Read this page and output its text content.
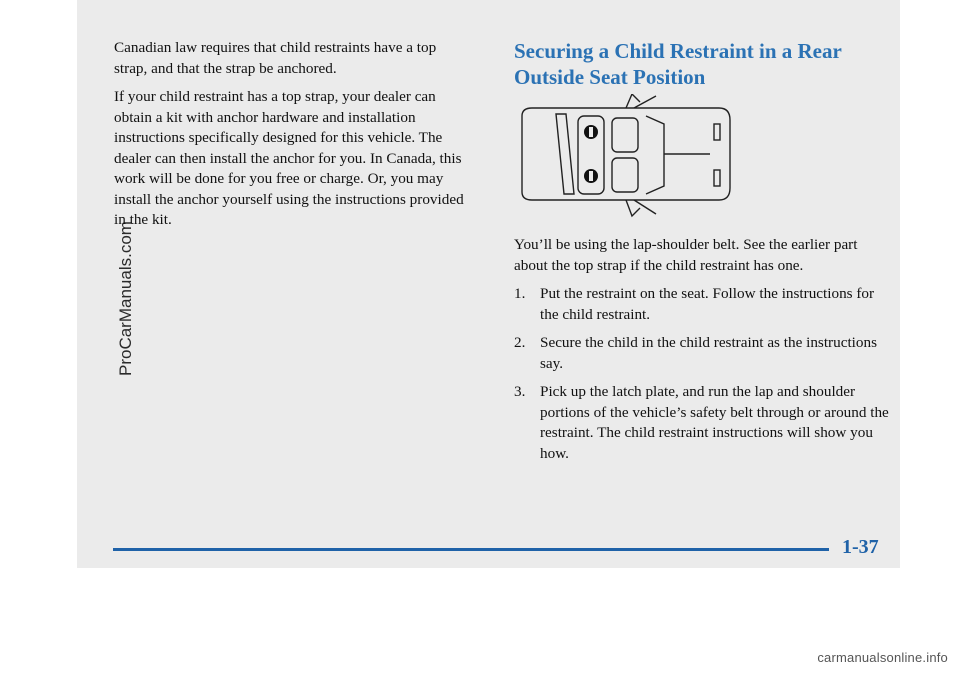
ProCarManuals.com

Canadian law requires that child restraints have a top strap, and that the strap be anchored.

If your child restraint has a top strap, your dealer can obtain a kit with anchor hardware and installation instructions specifically designed for this vehicle. The dealer can then install the anchor for you. In Canada, this work will be done for you free or charge. Or, you may install the anchor yourself using the instructions provided in the kit.

Securing a Child Restraint in a Rear Outside Seat Position

You’ll be using the lap-shoulder belt. See the earlier part about the top strap if the child restraint has one.

1. Put the restraint on the seat. Follow the instructions for the child restraint.
2. Secure the child in the child restraint as the instructions say.
3. Pick up the latch plate, and run the lap and shoulder portions of the vehicle’s safety belt through or around the restraint. The child restraint instructions will show you how.
1-37
carmanualsonline.info
